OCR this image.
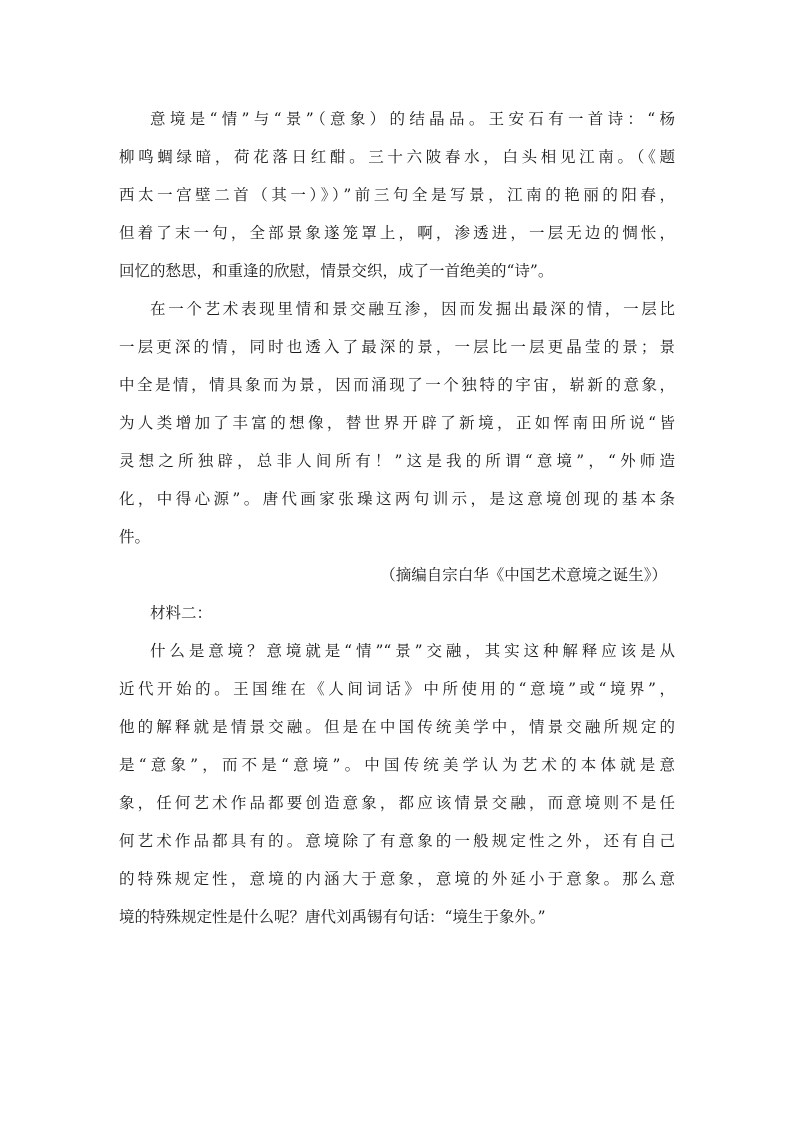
意境是“情”与“景”（意象）的结晶品。王安石有一首诗：“杨
柳鸣蜩绿暗，荷花落日红酣。三十六陂春水，白头相见江南。（《题
西太一宫壁二首（其一）》）”前三句全是写景，江南的艳丽的阳春，
但着了末一句，全部景象遂笼罩上，啊，渗透进，一层无边的惆怅，
回忆的愁思，和重逢的欣慰，情景交织，成了一首绝美的“诗”。
在一个艺术表现里情和景交融互渗，因而发掘出最深的情，一层比
一层更深的情，同时也透入了最深的景，一层比一层更晶莹的景；景
中全是情，情具象而为景，因而涌现了一个独特的宇宙，崭新的意象，
为人类增加了丰富的想像，替世界开辟了新境，正如恽南田所说“皆
灵想之所独辟，总非人间所有！”这是我的所谓“意境”，“外师造
化，中得心源”。唐代画家张璪这两句训示，是这意境创现的基本条
件。
（摘编自宗白华《中国艺术意境之诞生》）
材料二：
什么是意境？意境就是“情”“景”交融，其实这种解释应该是从
近代开始的。王国维在《人间词话》中所使用的“意境”或“境界”，
他的解释就是情景交融。但是在中国传统美学中，情景交融所规定的
是“意象”，而不是“意境”。中国传统美学认为艺术的本体就是意
象，任何艺术作品都要创造意象，都应该情景交融，而意境则不是任
何艺术作品都具有的。意境除了有意象的一般规定性之外，还有自己
的特殊规定性，意境的内涵大于意象，意境的外延小于意象。那么意
境的特殊规定性是什么呢？唐代刘禹锡有句话：“境生于象外。”
